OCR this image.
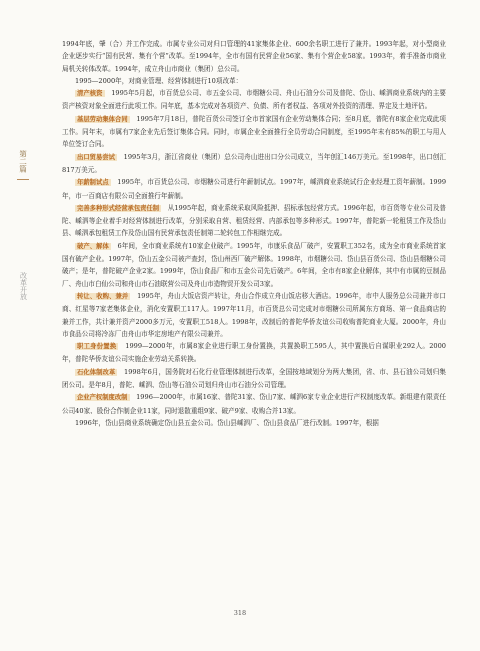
第二篇
改革开放

1994年底，肇（合）并工作完成。市属专业公司对归口管理的41家集体企业、600余名职工进行了兼并。1993年起，对小型商业企业逐步实行“国有民营、集有个营”改革。至1994年，全市有国有民营企业56家、集有个营企业58家。1993年，着手准备市商业局机关转体改革。1994年，成立舟山市商业（集团）总公司。

1995—2000年，对商业管理、经营体制进行10项改革：

清产核资　 1995年5月起，市百货总公司、市五金公司、市烟糖公司、舟山石油分公司及普陀、岱山、嵊泗商业系统内的主要资产核资对象全面进行此项工作。同年底，基本完成对各项资产、负债、所有者权益、各项对外投资的清理、界定及土地评估。

基层劳动集体合同　 1995年7月18日，普陀百货公司签订全市首家国有企业劳动集体合同；至8月底，普陀有8家企业完成此项工作。同年末，市属有7家企业先后签订集体合同。同时，市属企业全面推行全员劳动合同制度，至1995年末有85%的职工与用人单位签订合同。

出口贸易尝试　 1995年3月，浙江省商业（集团）总公司舟山进出口分公司成立，当年创汇146万美元。至1998年，出口创汇817万美元。

年薪制试点　 1995年，市百货总公司、市烟糖公司进行年薪制试点。1997年，嵊泗商业系统试行企业经理工资年薪制。1999年，市一百商店有限公司全面推行年薪制。

完善多种形式经营承包责任制　 从1995年起，商业系统采取风险抵押、招标承包经营方式。1996年起，市百货等专业公司及普陀、嵊泗等企业着手对经营体制进行改革，分别采取自营、租赁经营、内部承包等多种形式。1997年，普陀新一轮租赁工作及岱山县、嵊泗承包租赁工作及岱山国有民营承包责任制第二轮转包工作相继完成。

破产、解体　 6年间，全市商业系统有10家企业破产。1995年，市康乐食品厂破产，安置职工352名，成为全市商业系统首家国有破产企业。1997年，岱山五金公司被产查封，岱山州西厂破产解体。1998年，市烟糖公司、岱山县百货公司、岱山县烟糖公司破产；是年，普陀破产企业2家。1999年，岱山食品厂和市五金公司先后破产。6年间，全市有8家企业解体，其中有市属的豆制品厂、舟山市白仙公司和舟山市石油联营公司及舟山市造物贸开发公司3家。

转让、收购、兼并　 1995年，舟山大饭店资产转让，舟山合作成立舟山饭店移大酒店。1996年，市中人服务总公司兼并市口商、红星等7家老集体企业，消化安置职工117人。1997年11月，市百货总公司完成对市烟糖公司所属东方商场、第一食品商店的兼并工作，共计兼并资产2000多万元，安置职工518人。1998年，改制后的普陀华侨友谊公司收购普陀商业大厦。2000年，舟山市食品公司将冷冻厂由舟山市华定房地产有限公司兼并。

职工身份置换　 1999—2000年，市属8家企业进行职工身份置换，共置换职工595人，其中置换后自谋职业292人。2000年，普陀华侨友谊公司实施企业劳动关系转换。

石化体制改革　 1998年6月，国务院对石化行业管理体制进行改革，全国按地域划分为两大集团，省、市、县石油公司划归集团公司。是年8月，普陀、嵊泗、岱山等石油公司划归舟山市石油分公司管理。

企业产权制度改制　 1996—2000年，市属16家、普陀31家、岱山7家、嵊泗6家专业企业进行产权制度改革。新组建有限责任公司40家、股份合作制企业11家，同时退散重组9家、破产9家、收购合并13家。

1996年，岱山县商业系统确定岱山县五金公司。岱山县嵊泗厂、岱山县食品厂进行改制。1997年，根据

318
